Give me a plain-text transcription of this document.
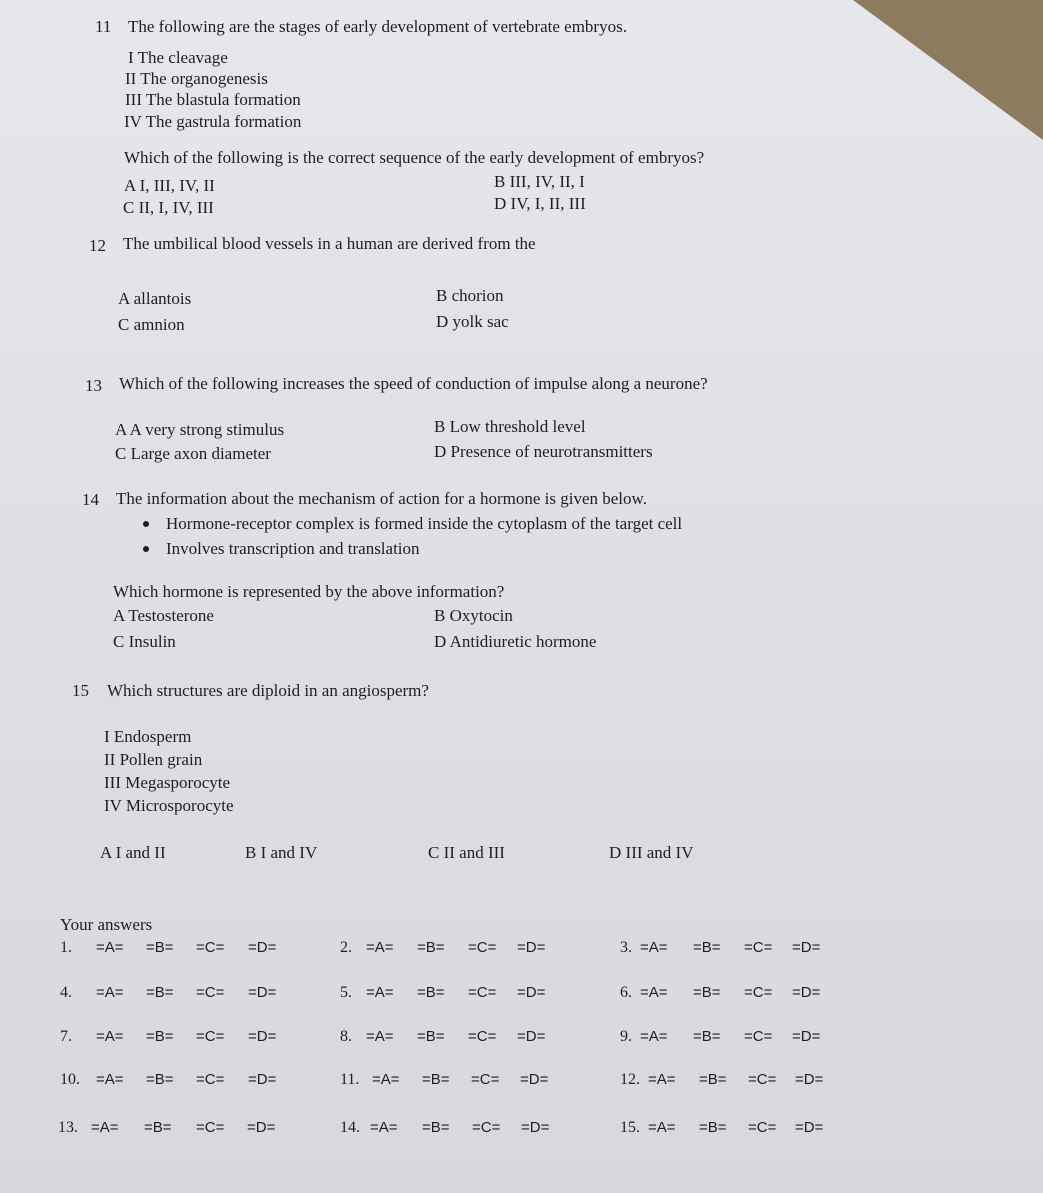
11 The following are the stages of early development of vertebrate embryos.
I The cleavage
II The organogenesis
III The blastula formation
IV The gastrula formation
Which of the following is the correct sequence of the early development of embryos?
A I, III, IV, II	B III, IV, II, I
C II, I, IV, III	D IV, I, II, III
12 The umbilical blood vessels in a human are derived from the
A allantois	B chorion
C amnion	D yolk sac
13 Which of the following increases the speed of conduction of impulse along a neurone?
A A very strong stimulus	B Low threshold level
C Large axon diameter	D Presence of neurotransmitters
14 The information about the mechanism of action for a hormone is given below.
Hormone-receptor complex is formed inside the cytoplasm of the target cell
Involves transcription and translation
Which hormone is represented by the above information?
A Testosterone	B Oxytocin
C Insulin	D Antidiuretic hormone
15 Which structures are diploid in an angiosperm?
I Endosperm
II Pollen grain
III Megasporocyte
IV Microsporocyte
A I and II	B I and IV	C II and III	D III and IV
Your answers
1. =A= =B= =C= =D=	2. =A= =B= =C= =D=	3. =A= =B= =C= =D=
4. =A= =B= =C= =D=	5. =A= =B= =C= =D=	6. =A= =B= =C= =D=
7. =A= =B= =C= =D=	8. =A= =B= =C= =D=	9. =A= =B= =C= =D=
10. =A= =B= =C= =D=	11. =A= =B= =C= =D=	12. =A= =B= =C= =D=
13. =A= =B= =C= =D=	14. =A= =B= =C= =D=	15. =A= =B= =C= =D=
